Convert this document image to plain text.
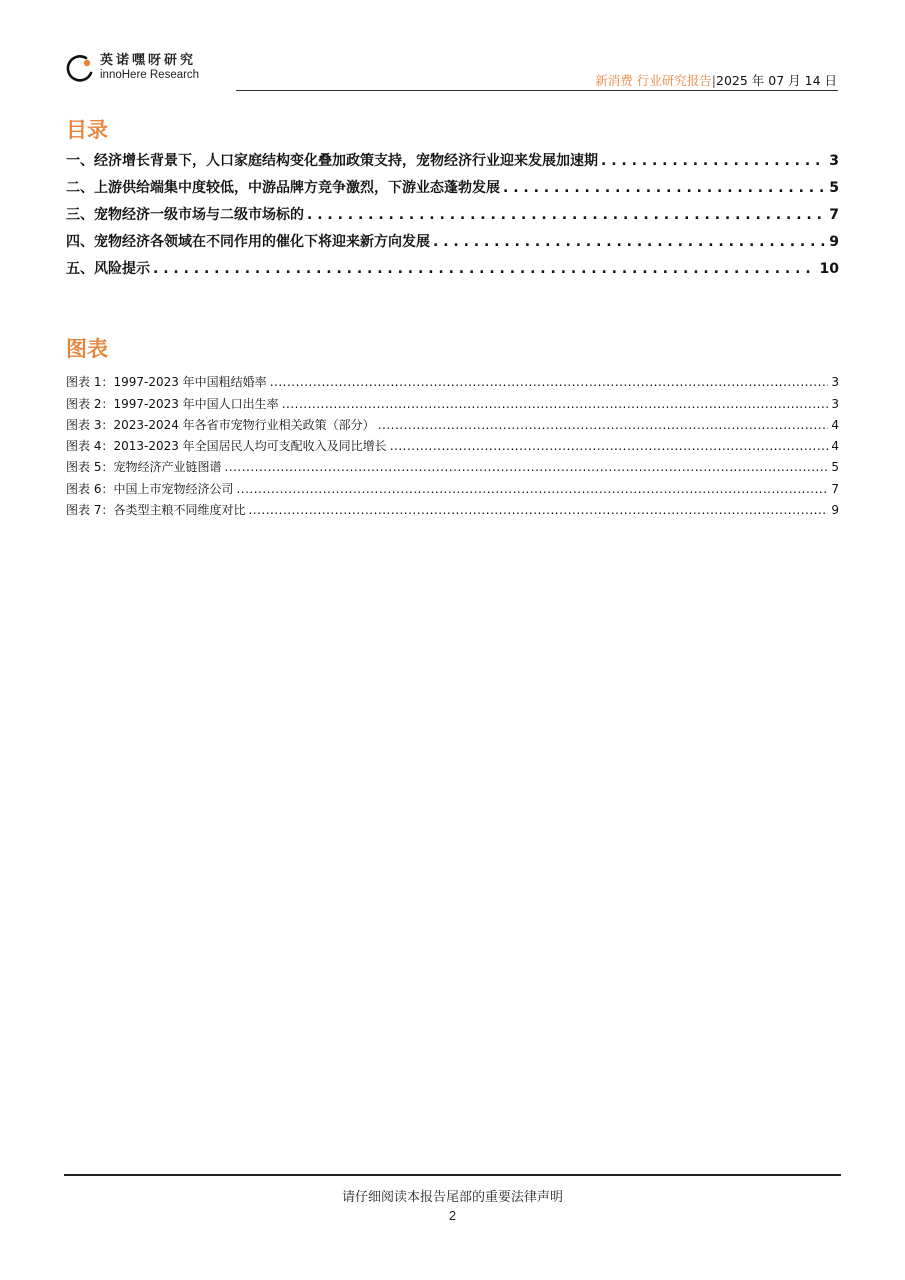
英诺嘿呀研究
innoHere Research	新消费 行业研究报告|2025 年 07 月 14 日
目录
一、经济增长背景下，人口家庭结构变化叠加政策支持，宠物经济行业迎来发展加速期 . . .	3
二、上游供给端集中度较低，中游品牌方竞争激烈，下游业态蓬勃发展 . . .	5
三、宠物经济一级市场与二级市场标的 . . .	7
四、宠物经济各领域在不同作用的催化下将迎来新方向发展 . . .	9
五、风险提示 . . .	10
图表
图表 1：1997-2023 年中国粗结婚率 .....	3
图表 2：1997-2023 年中国人口出生率 .....	3
图表 3：2023-2024 年各省市宠物行业相关政策（部分） .....	4
图表 4：2013-2023 年全国居民人均可支配收入及同比增长 .....	4
图表 5：宠物经济产业链图谱 .....	5
图表 6：中国上市宠物经济公司 .....	7
图表 7：各类型主粮不同维度对比 .....	9
请仔细阅读本报告尾部的重要法律声明
2
